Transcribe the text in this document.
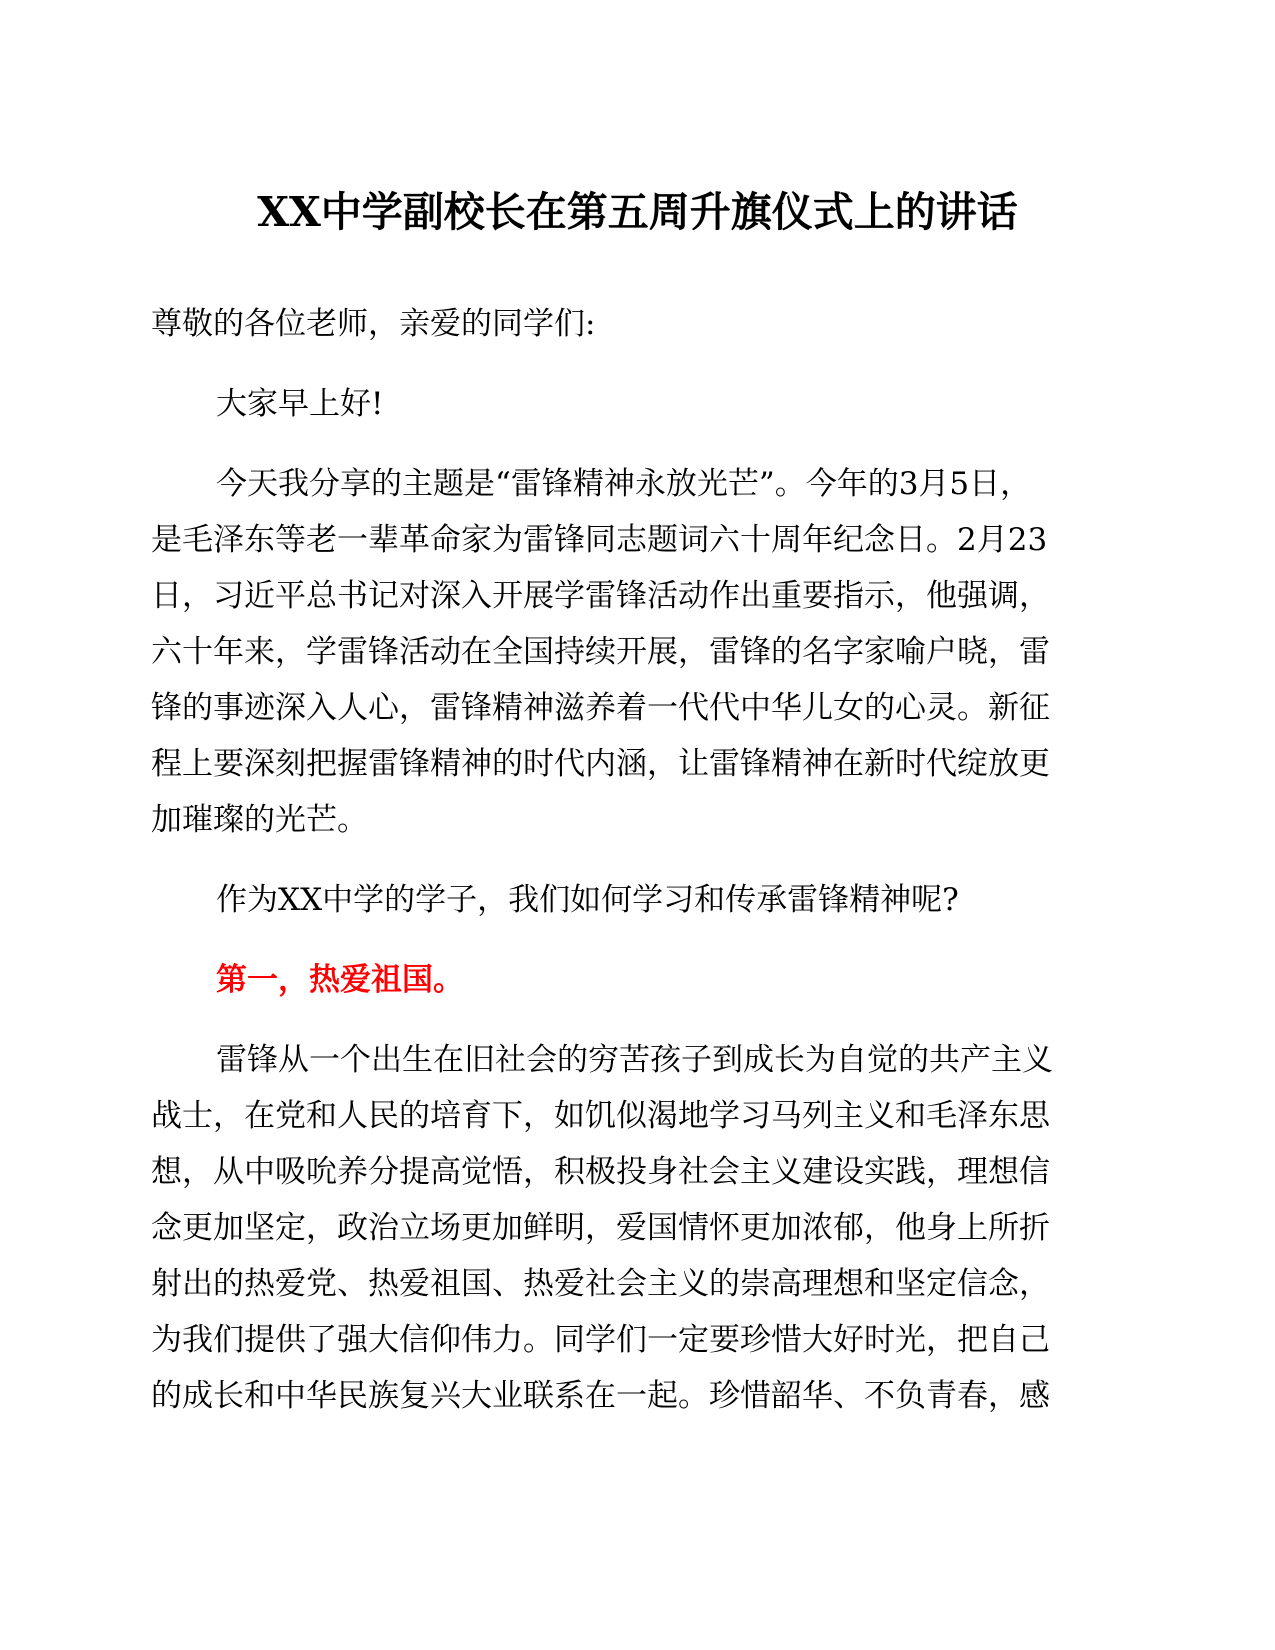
XX中学副校长在第五周升旗仪式上的讲话
尊敬的各位老师，亲爱的同学们:
大家早上好!
今天我分享的主题是“雷锋精神永放光芒”。今年的3月5日，
是毛泽东等老一辈革命家为雷锋同志题词六十周年纪念日。2月23
日，习近平总书记对深入开展学雷锋活动作出重要指示，他强调，
六十年来，学雷锋活动在全国持续开展，雷锋的名字家喻户晓，雷
锋的事迹深入人心，雷锋精神滋养着一代代中华儿女的心灵。新征
程上要深刻把握雷锋精神的时代内涵，让雷锋精神在新时代绽放更
加璀璨的光芒。
作为XX中学的学子，我们如何学习和传承雷锋精神呢?
第一，热爱祖国。
雷锋从一个出生在旧社会的穷苦孩子到成长为自觉的共产主义
战士，在党和人民的培育下，如饥似渴地学习马列主义和毛泽东思
想，从中吸吮养分提高觉悟，积极投身社会主义建设实践，理想信
念更加坚定，政治立场更加鲜明，爱国情怀更加浓郁，他身上所折
射出的热爱党、热爱祖国、热爱社会主义的崇高理想和坚定信念，
为我们提供了强大信仰伟力。同学们一定要珍惜大好时光，把自己
的成长和中华民族复兴大业联系在一起。珍惜韶华、不负青春，感
